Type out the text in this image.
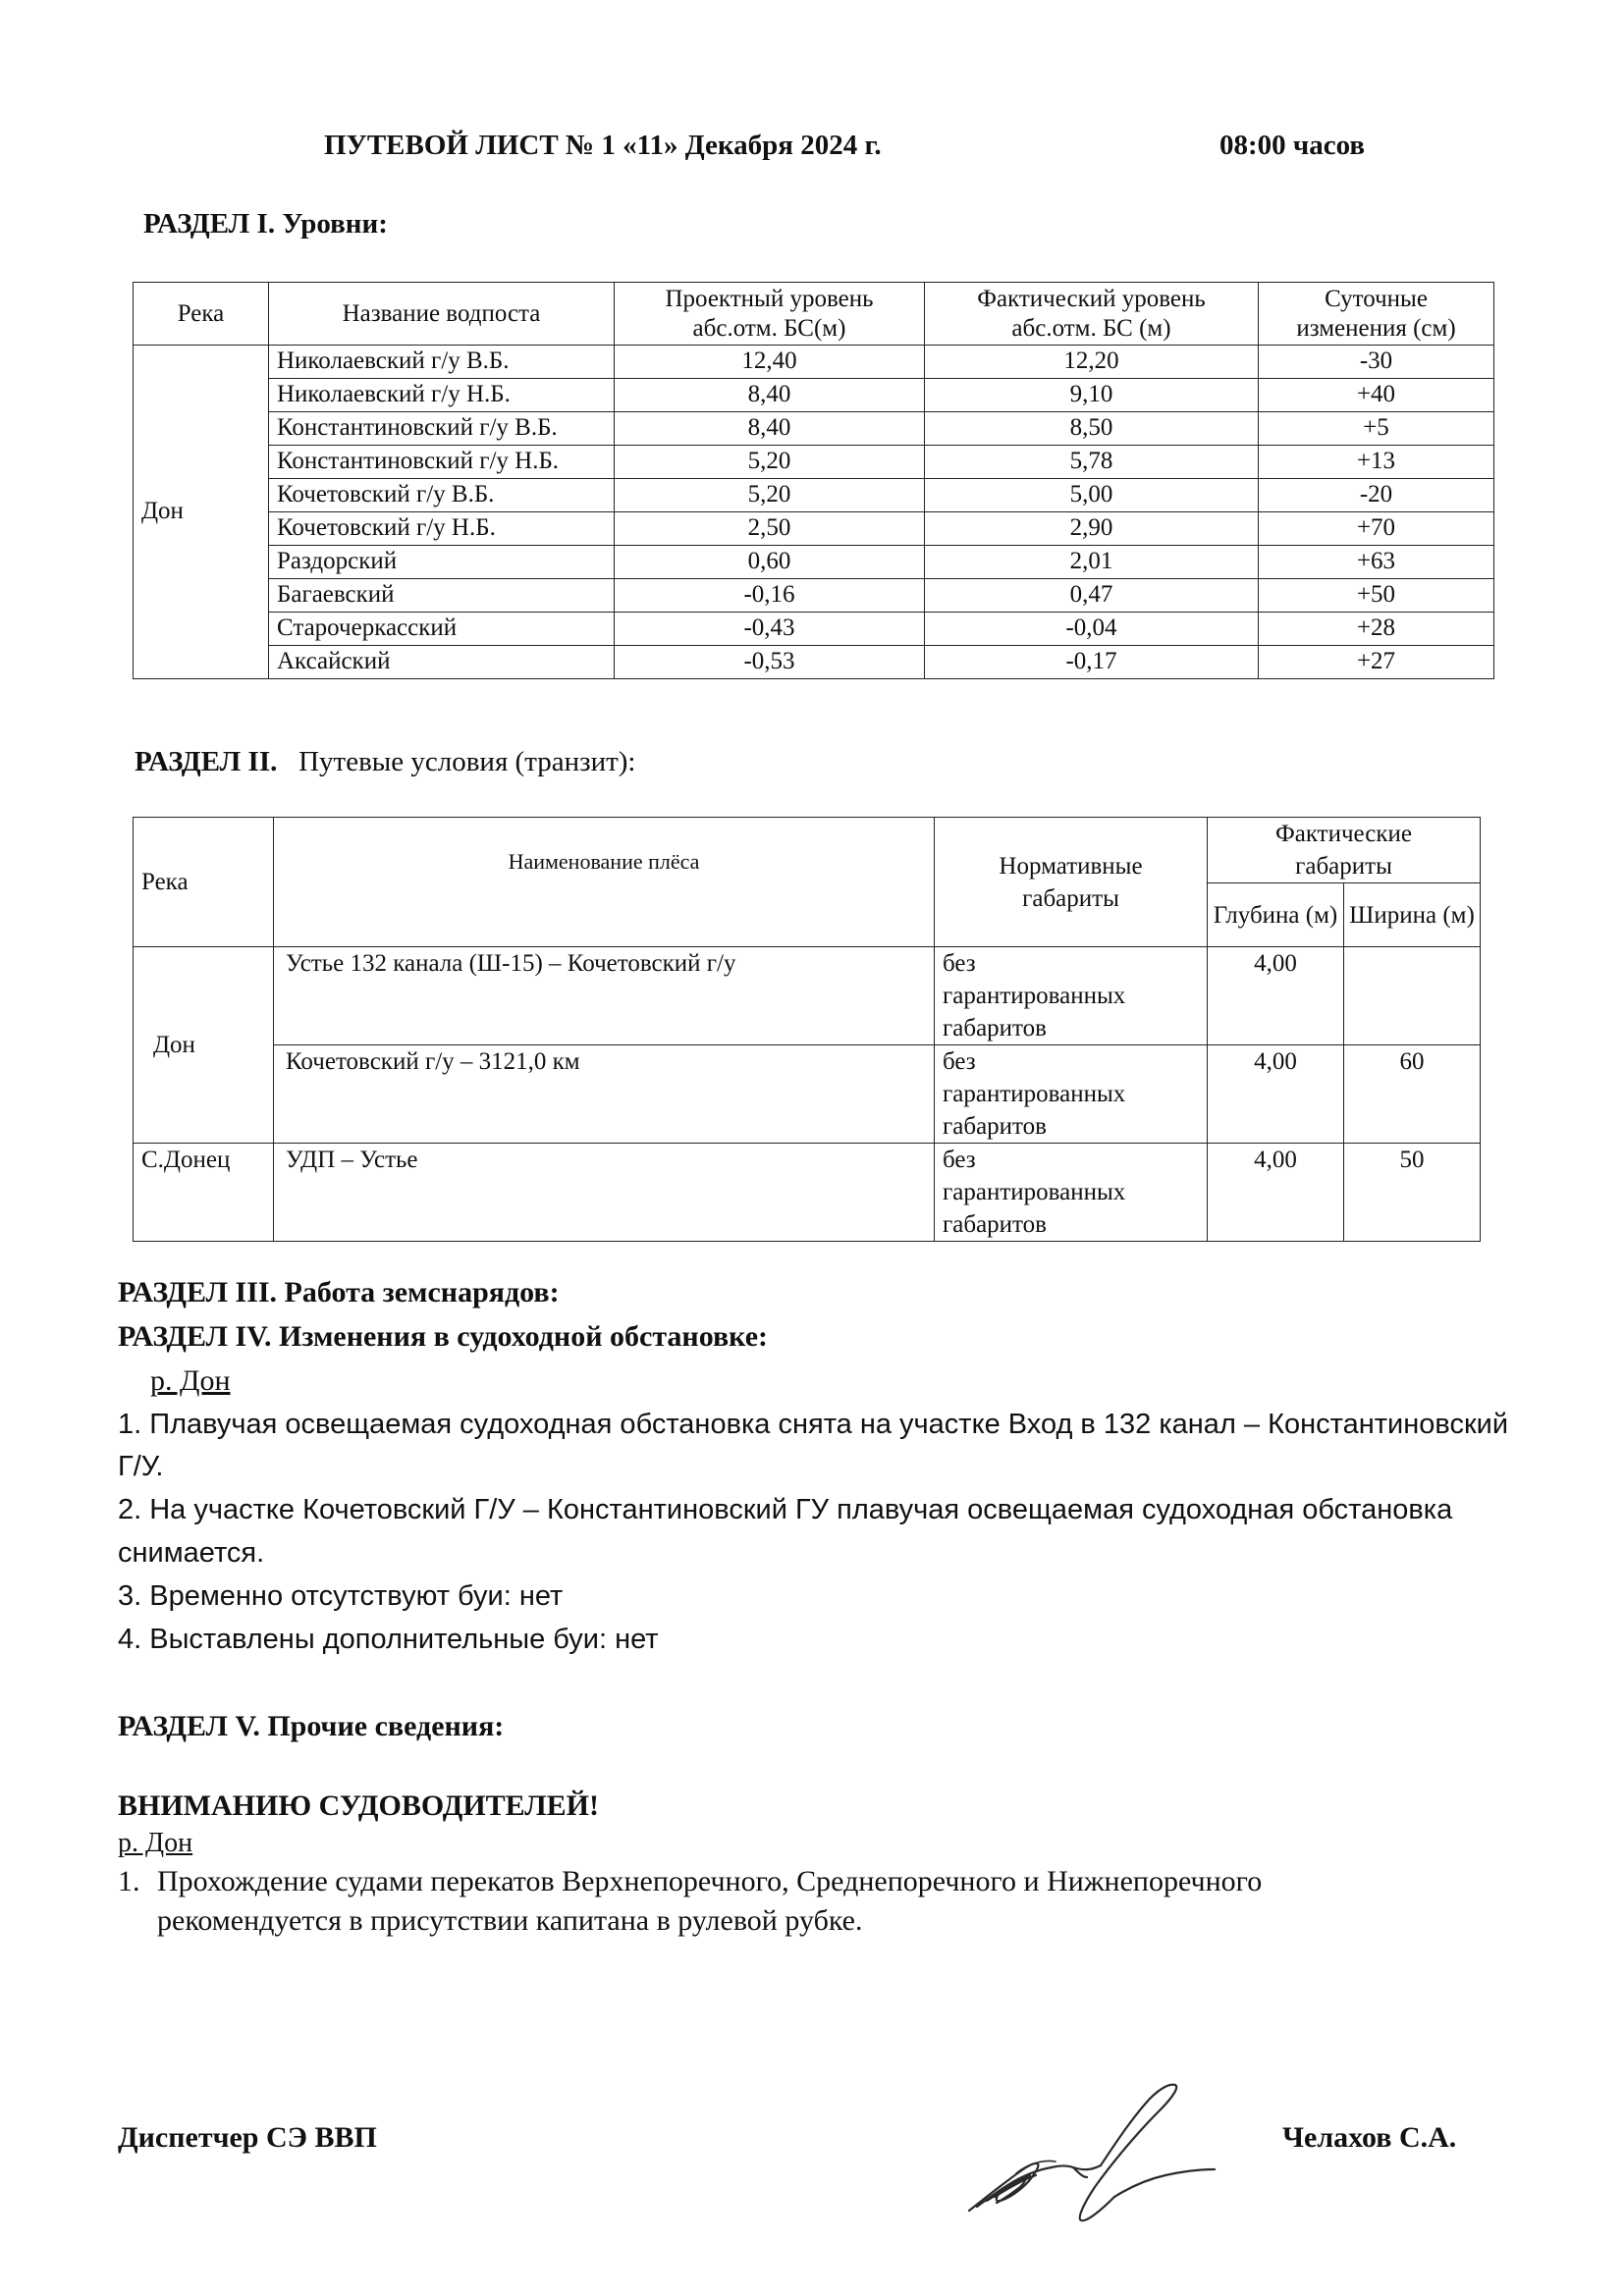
ПУТЕВОЙ ЛИСТ № 1 «11» Декабря 2024 г.	08:00 часов
РАЗДЕЛ I. Уровни:
Река	Название водпоста	Проектный уровень абс.отм. БС(м)	Фактический уровень абс.отм. БС (м)	Суточные изменения (см)
Дон	Николаевский г/у В.Б.	12,40	12,20	-30
	Николаевский г/у Н.Б.	8,40	9,10	+40
	Константиновский г/у В.Б.	8,40	8,50	+5
	Константиновский г/у Н.Б.	5,20	5,78	+13
	Кочетовский г/у В.Б.	5,20	5,00	-20
	Кочетовский г/у Н.Б.	2,50	2,90	+70
	Раздорский	0,60	2,01	+63
	Багаевский	-0,16	0,47	+50
	Старочеркасский	-0,43	-0,04	+28
	Аксайский	-0,53	-0,17	+27
РАЗДЕЛ II. Путевые условия (транзит):
Река	Наименование плёса	Нормативные габариты	Фактические габариты	
			Глубина (м)	Ширина (м)
Дон	Устье 132 канала (Ш-15) – Кочетовский г/у	без гарантированных габаритов	4,00	
	Кочетовский г/у – 3121,0 км	без гарантированных габаритов	4,00	60
С.Донец	УДП – Устье	без гарантированных габаритов	4,00	50
РАЗДЕЛ III. Работа земснарядов:
РАЗДЕЛ IV. Изменения в судоходной обстановке:
р. Дон
1. Плавучая освещаемая судоходная обстановка снята на участке Вход в 132 канал – Константиновский
Г/У.
2. На участке Кочетовский Г/У – Константиновский ГУ плавучая освещаемая судоходная обстановка
снимается.
3. Временно отсутствуют буи: нет
4. Выставлены дополнительные буи: нет
РАЗДЕЛ V. Прочие сведения:
ВНИМАНИЮ СУДОВОДИТЕЛЕЙ!
р. Дон
1. Прохождение судами перекатов Верхнепоречного, Среднепоречного и Нижнепоречного
рекомендуется в присутствии капитана в рулевой рубке.
Диспетчер СЭ ВВП	Челахов С.А.
